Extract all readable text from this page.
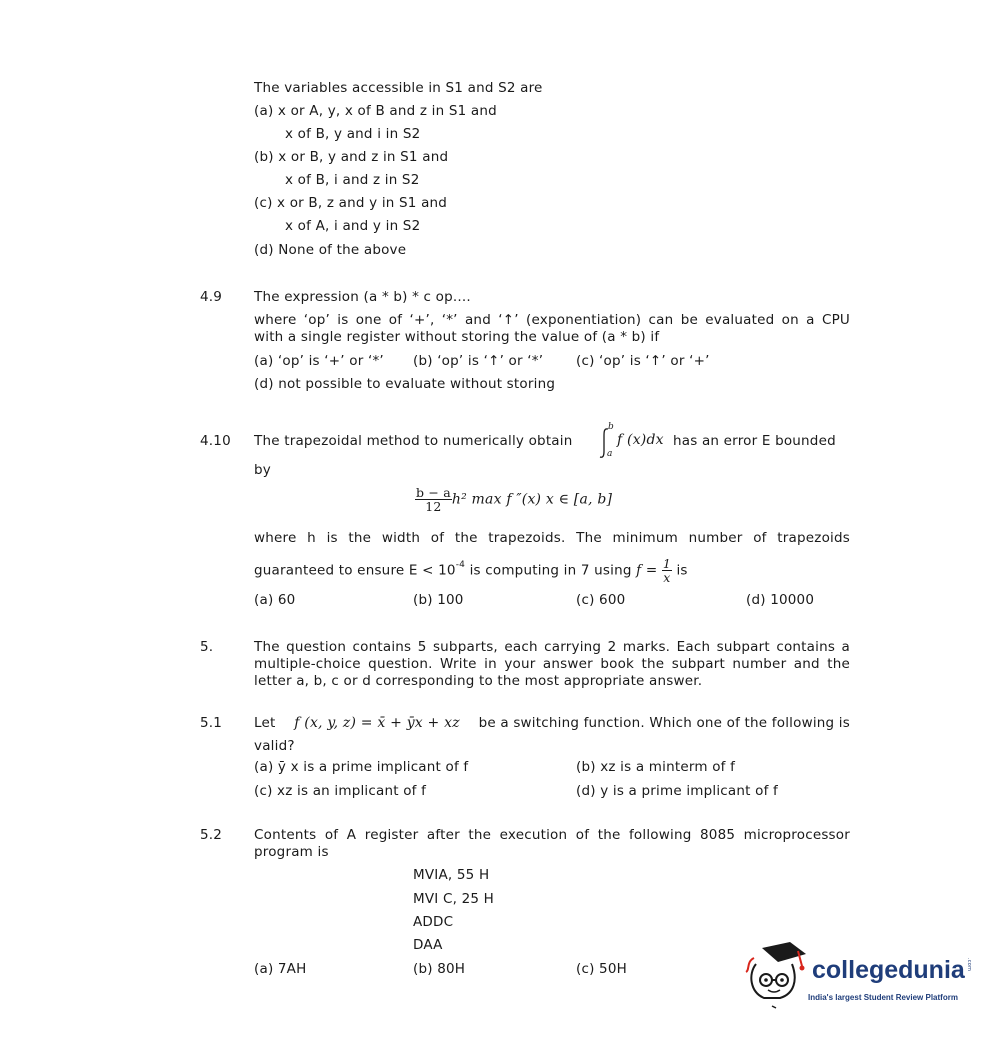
The variables accessible in S1 and S2 are
(a) x or A, y, x of B and z in S1 and
x of B, y and i in S2
(b) x or B, y and z in S1 and
x of B, i and z in S2
(c) x or B, z and y in S1 and
x of A, i and y in S2
(d) None of the above
4.9 The expression (a * b) * c op....
where ‘op’ is one of ‘+’, ‘*’ and ‘↑’ (exponentiation) can be evaluated on a CPU
with a single register without storing the value of (a * b) if
(a) ‘op’ is ‘+’ or ‘*’ (b) ‘op’ is ‘↑’ or ‘*’ (c) ‘op’ is ‘↑’ or ‘+’
(d) not possible to evaluate without storing
4.10 The trapezoidal method to numerically obtain
b
a
f (x)dx has an error E bounded
by
$\frac{b - a}{12} h^2$ max f ″(x) x ∈ [a, b]
where h is the width of the trapezoids. The minimum number of trapezoids
guaranteed to ensure $E < 10^{-4}$ is computing in 7 using $f = \frac{1}{x}$ is
(a) 60	(b) 100	(c) 600	(d) 10000
5.	The question contains 5 subparts, each carrying 2 marks. Each subpart contains a multiple-choice question. Write in your answer book the subpart number and the letter a, b, c or d corresponding to the most appropriate answer.
5.1 Let f (x, y, z) = x̄ + ȳx + xz be a switching function. Which one of the following is
valid?
(a) ȳ x is a prime implicant of f	(b) xz is a minterm of f
(c) xz is an implicant of f	(d) y is a prime implicant of f
5.2 Contents of A register after the execution of the following 8085 microprocessor program is
MVIA, 55 H
MVI C, 25 H
ADDC
DAA
(a) 7AH	(b) 80H	(c) 50H	collegedunia .com
India's largest Student Review Platform
